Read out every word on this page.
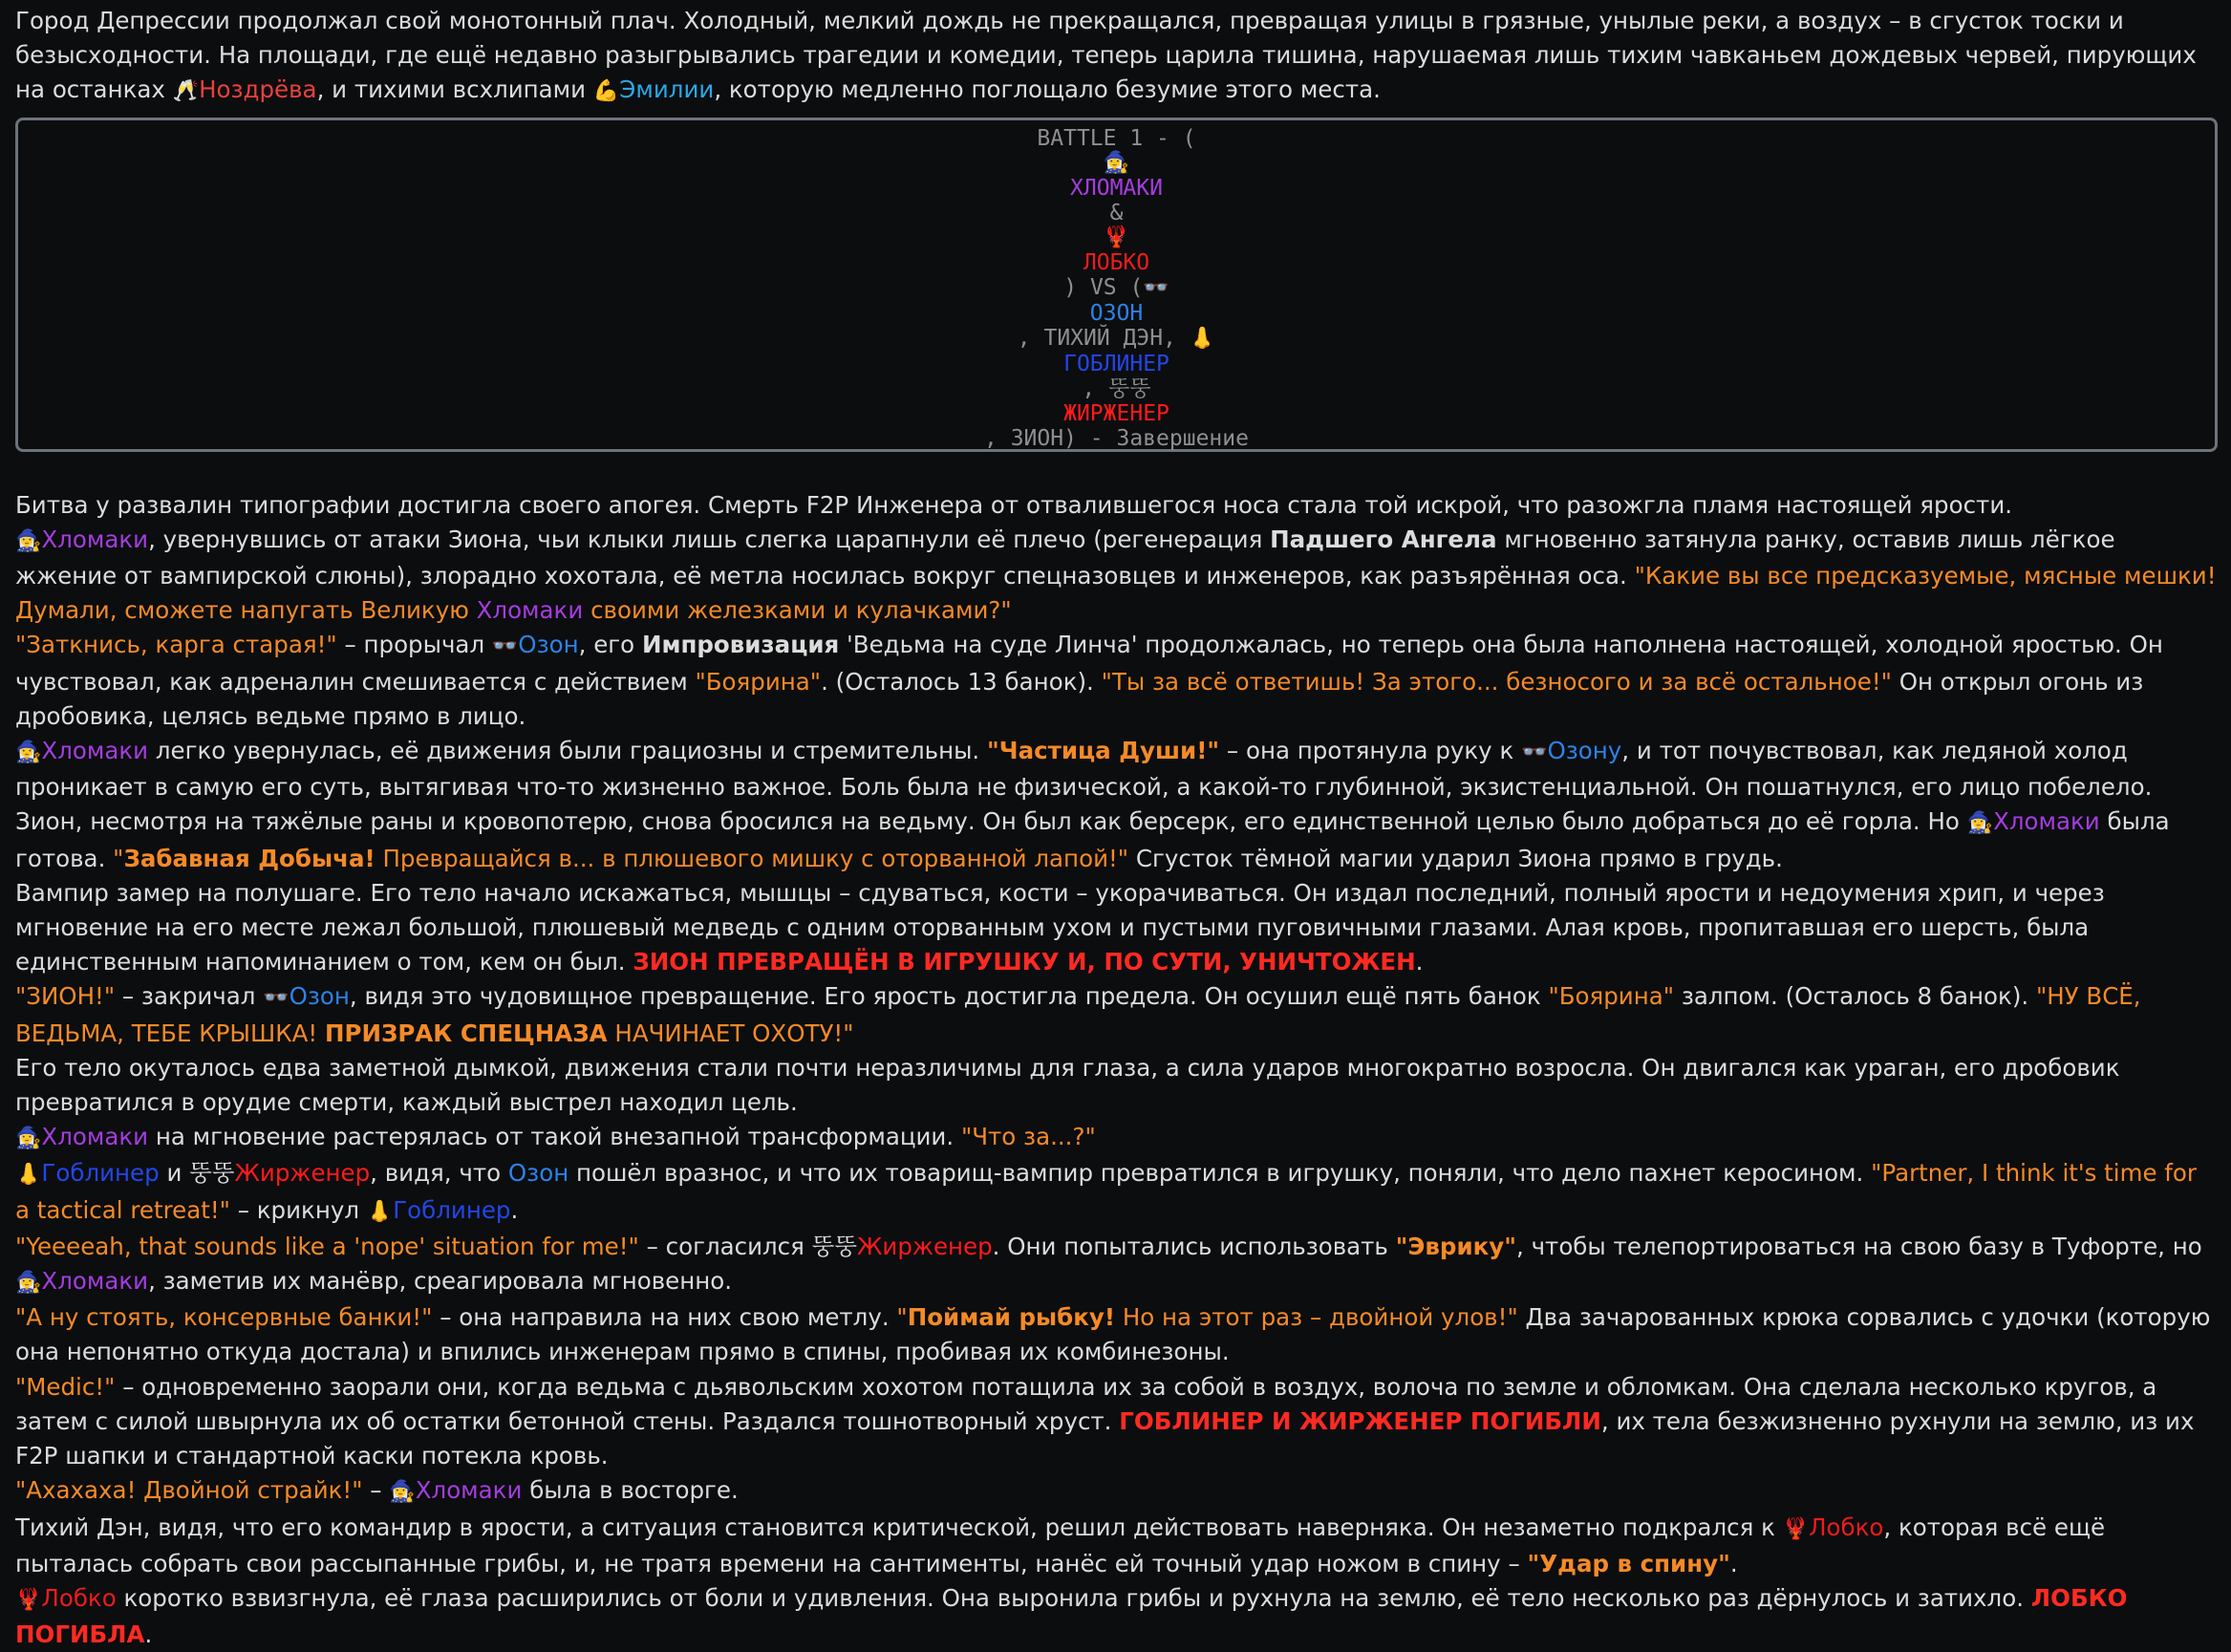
Город Депрессии продолжал свой монотонный плач. Холодный, мелкий дождь не прекращался, превращая улицы в грязные, унылые реки, а воздух – в сгусток тоски и безысходности. На площади, где ещё недавно разыгрывались трагедии и комедии, теперь царила тишина, нарушаемая лишь тихим чавканьем дождевых червей, пирующих на останках 🥂Ноздрёва, и тихими всхлипами 💪Эмилии, которую медленно поглощало безумие этого места.

BATTLE 1 - (
🧙‍♀️
ХЛОМАКИ
&
🦞
ЛОБКО
) VS (👓
ОЗОН
, ТИХИЙ ДЭН, 👃
ГОБЛИНЕР
, 뚱뚱
ЖИРЖЕНЕР
, ЗИОН) - Завершение

Битва у развалин типографии достигла своего апогея. Смерть F2P Инженера от отвалившегося носа стала той искрой, что разожгла пламя настоящей ярости.

🧙‍♀️Хломаки, увернувшись от атаки Зиона, чьи клыки лишь слегка царапнули её плечо (регенерация Падшего Ангела мгновенно затянула ранку, оставив лишь лёгкое жжение от вампирской слюны), злорадно хохотала, её метла носилась вокруг спецназовцев и инженеров, как разъярённая оса. "Какие вы все предсказуемые, мясные мешки! Думали, сможете напугать Великую Хломаки своими железками и кулачками?"

"Заткнись, карга старая!" – прорычал 👓Озон, его Импровизация 'Ведьма на суде Линча' продолжалась, но теперь она была наполнена настоящей, холодной яростью. Он чувствовал, как адреналин смешивается с действием "Боярина". (Осталось 13 банок). "Ты за всё ответишь! За этого... безносого и за всё остальное!" Он открыл огонь из дробовика, целясь ведьме прямо в лицо.

🧙‍♀️Хломаки легко увернулась, её движения были грациозны и стремительны. "Частица Души!" – она протянула руку к 👓Озону, и тот почувствовал, как ледяной холод проникает в самую его суть, вытягивая что-то жизненно важное. Боль была не физической, а какой-то глубинной, экзистенциальной. Он пошатнулся, его лицо побелело.

Зион, несмотря на тяжёлые раны и кровопотерю, снова бросился на ведьму. Он был как берсерк, его единственной целью было добраться до её горла. Но 🧙‍♀️Хломаки была готова. "Забавная Добыча! Превращайся в... в плюшевого мишку с оторванной лапой!" Сгусток тёмной магии ударил Зиона прямо в грудь.

Вампир замер на полушаге. Его тело начало искажаться, мышцы – сдуваться, кости – укорачиваться. Он издал последний, полный ярости и недоумения хрип, и через мгновение на его месте лежал большой, плюшевый медведь с одним оторванным ухом и пустыми пуговичными глазами. Алая кровь, пропитавшая его шерсть, была единственным напоминанием о том, кем он был. ЗИОН ПРЕВРАЩЁН В ИГРУШКУ И, ПО СУТИ, УНИЧТОЖЕН.

"ЗИОН!" – закричал 👓Озон, видя это чудовищное превращение. Его ярость достигла предела. Он осушил ещё пять банок "Боярина" залпом. (Осталось 8 банок). "НУ ВСЁ, ВЕДЬМА, ТЕБЕ КРЫШКА! ПРИЗРАК СПЕЦНАЗА НАЧИНАЕТ ОХОТУ!"

Его тело окуталось едва заметной дымкой, движения стали почти неразличимы для глаза, а сила ударов многократно возросла. Он двигался как ураган, его дробовик превратился в орудие смерти, каждый выстрел находил цель.

🧙‍♀️Хломаки на мгновение растерялась от такой внезапной трансформации. "Что за...?"

👃Гоблинер и 뚱뚱Жирженер, видя, что Озон пошёл вразнос, и что их товарищ-вампир превратился в игрушку, поняли, что дело пахнет керосином. "Partner, I think it's time for a tactical retreat!" – крикнул 👃Гоблинер.

"Yeeeeah, that sounds like a 'nope' situation for me!" – согласился 뚱뚱Жирженер. Они попытались использовать "Эврику", чтобы телепортироваться на свою базу в Туфорте, но 🧙‍♀️Хломаки, заметив их манёвр, среагировала мгновенно.

"А ну стоять, консервные банки!" – она направила на них свою метлу. "Поймай рыбку! Но на этот раз – двойной улов!" Два зачарованных крюка сорвались с удочки (которую она непонятно откуда достала) и впились инженерам прямо в спины, пробивая их комбинезоны.

"Medic!" – одновременно заорали они, когда ведьма с дьявольским хохотом потащила их за собой в воздух, волоча по земле и обломкам. Она сделала несколько кругов, а затем с силой швырнула их об остатки бетонной стены. Раздался тошнотворный хруст. ГОБЛИНЕР И ЖИРЖЕНЕР ПОГИБЛИ, их тела безжизненно рухнули на землю, из их F2P шапки и стандартной каски потекла кровь.

"Ахахаха! Двойной страйк!" – 🧙‍♀️Хломаки была в восторге.

Тихий Дэн, видя, что его командир в ярости, а ситуация становится критической, решил действовать наверняка. Он незаметно подкрался к 🦞Лобко, которая всё ещё пыталась собрать свои рассыпанные грибы, и, не тратя времени на сантименты, нанёс ей точный удар ножом в спину – "Удар в спину".

🦞Лобко коротко взвизгнула, её глаза расширились от боли и удивления. Она выронила грибы и рухнула на землю, её тело несколько раз дёрнулось и затихло. ЛОБКО ПОГИБЛА.
